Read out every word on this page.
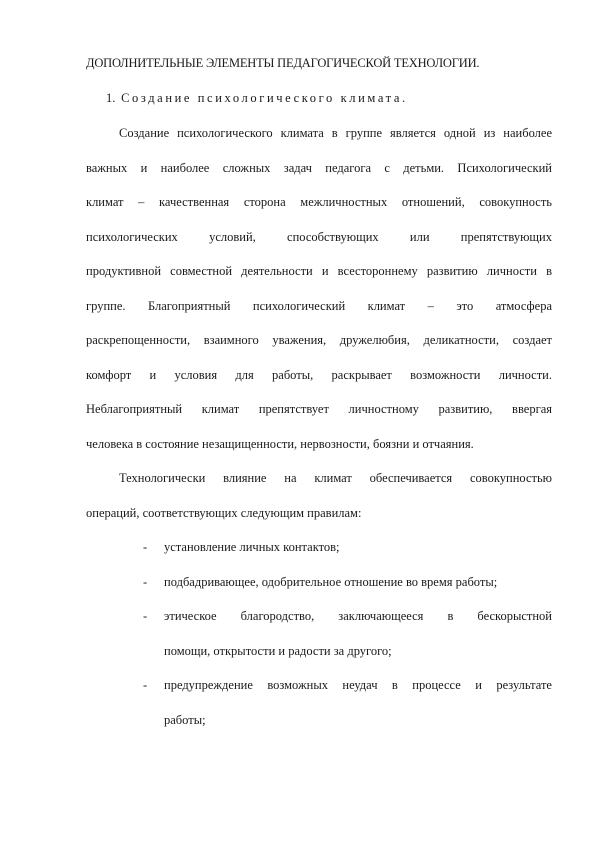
ДОПОЛНИТЕЛЬНЫЕ ЭЛЕМЕНТЫ ПЕДАГОГИЧЕСКОЙ ТЕХНОЛОГИИ.
1. Создание психологического климата.
Создание психологического климата в группе является одной из наиболее
важных и наиболее сложных задач педагога с детьми. Психологический
климат – качественная сторона межличностных отношений, совокупность
психологических условий, способствующих или препятствующих
продуктивной совместной деятельности и всестороннему развитию личности в
группе. Благоприятный психологический климат – это атмосфера
раскрепощенности, взаимного уважения, дружелюбия, деликатности, создает
комфорт и условия для работы, раскрывает возможности личности.
Неблагоприятный климат препятствует личностному развитию, ввергая
человека в состояние незащищенности, нервозности, боязни и отчаяния.
Технологически влияние на климат обеспечивается совокупностью
операций, соответствующих следующим правилам:
- установление личных контактов;
- подбадривающее, одобрительное отношение во время работы;
- этическое благородство, заключающееся в бескорыстной
помощи, открытости и радости за другого;
- предупреждение возможных неудач в процессе и результате
работы;
